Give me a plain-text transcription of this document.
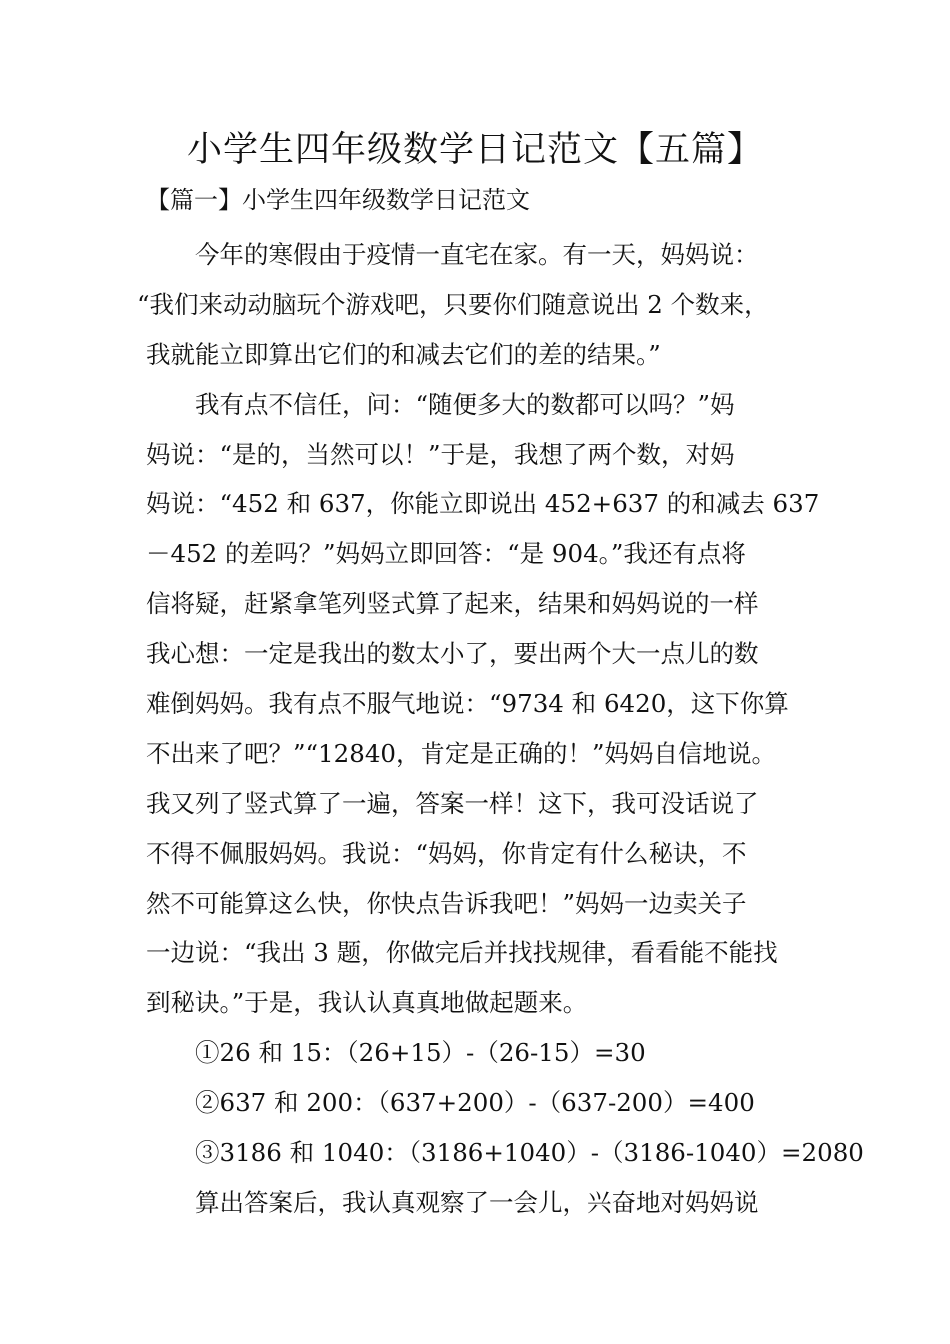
小学生四年级数学日记范文【五篇】
【篇一】小学生四年级数学日记范文
今年的寒假由于疫情一直宅在家。有一天，妈妈说：
“我们来动动脑玩个游戏吧，只要你们随意说出 2 个数来，
我就能立即算出它们的和减去它们的差的结果。”
我有点不信任，问：“随便多大的数都可以吗？”妈
妈说：“是的，当然可以！”于是，我想了两个数，对妈
妈说：“452 和 637，你能立即说出 452+637 的和减去 637
－452 的差吗？”妈妈立即回答：“是 904。”我还有点将
信将疑，赶紧拿笔列竖式算了起来，结果和妈妈说的一样
我心想：一定是我出的数太小了，要出两个大一点儿的数
难倒妈妈。我有点不服气地说：“9734 和 6420，这下你算
不出来了吧？”“12840，肯定是正确的！”妈妈自信地说。
我又列了竖式算了一遍，答案一样！这下，我可没话说了
不得不佩服妈妈。我说：“妈妈，你肯定有什么秘诀，不
然不可能算这么快，你快点告诉我吧！”妈妈一边卖关子
一边说：“我出 3 题，你做完后并找找规律，看看能不能找
到秘诀。”于是，我认认真真地做起题来。
①26 和 15：（26+15）-（26-15）=30
②637 和 200：（637+200）-（637-200）=400
③3186 和 1040：（3186+1040）-（3186-1040）=2080
算出答案后，我认真观察了一会儿，兴奋地对妈妈说
